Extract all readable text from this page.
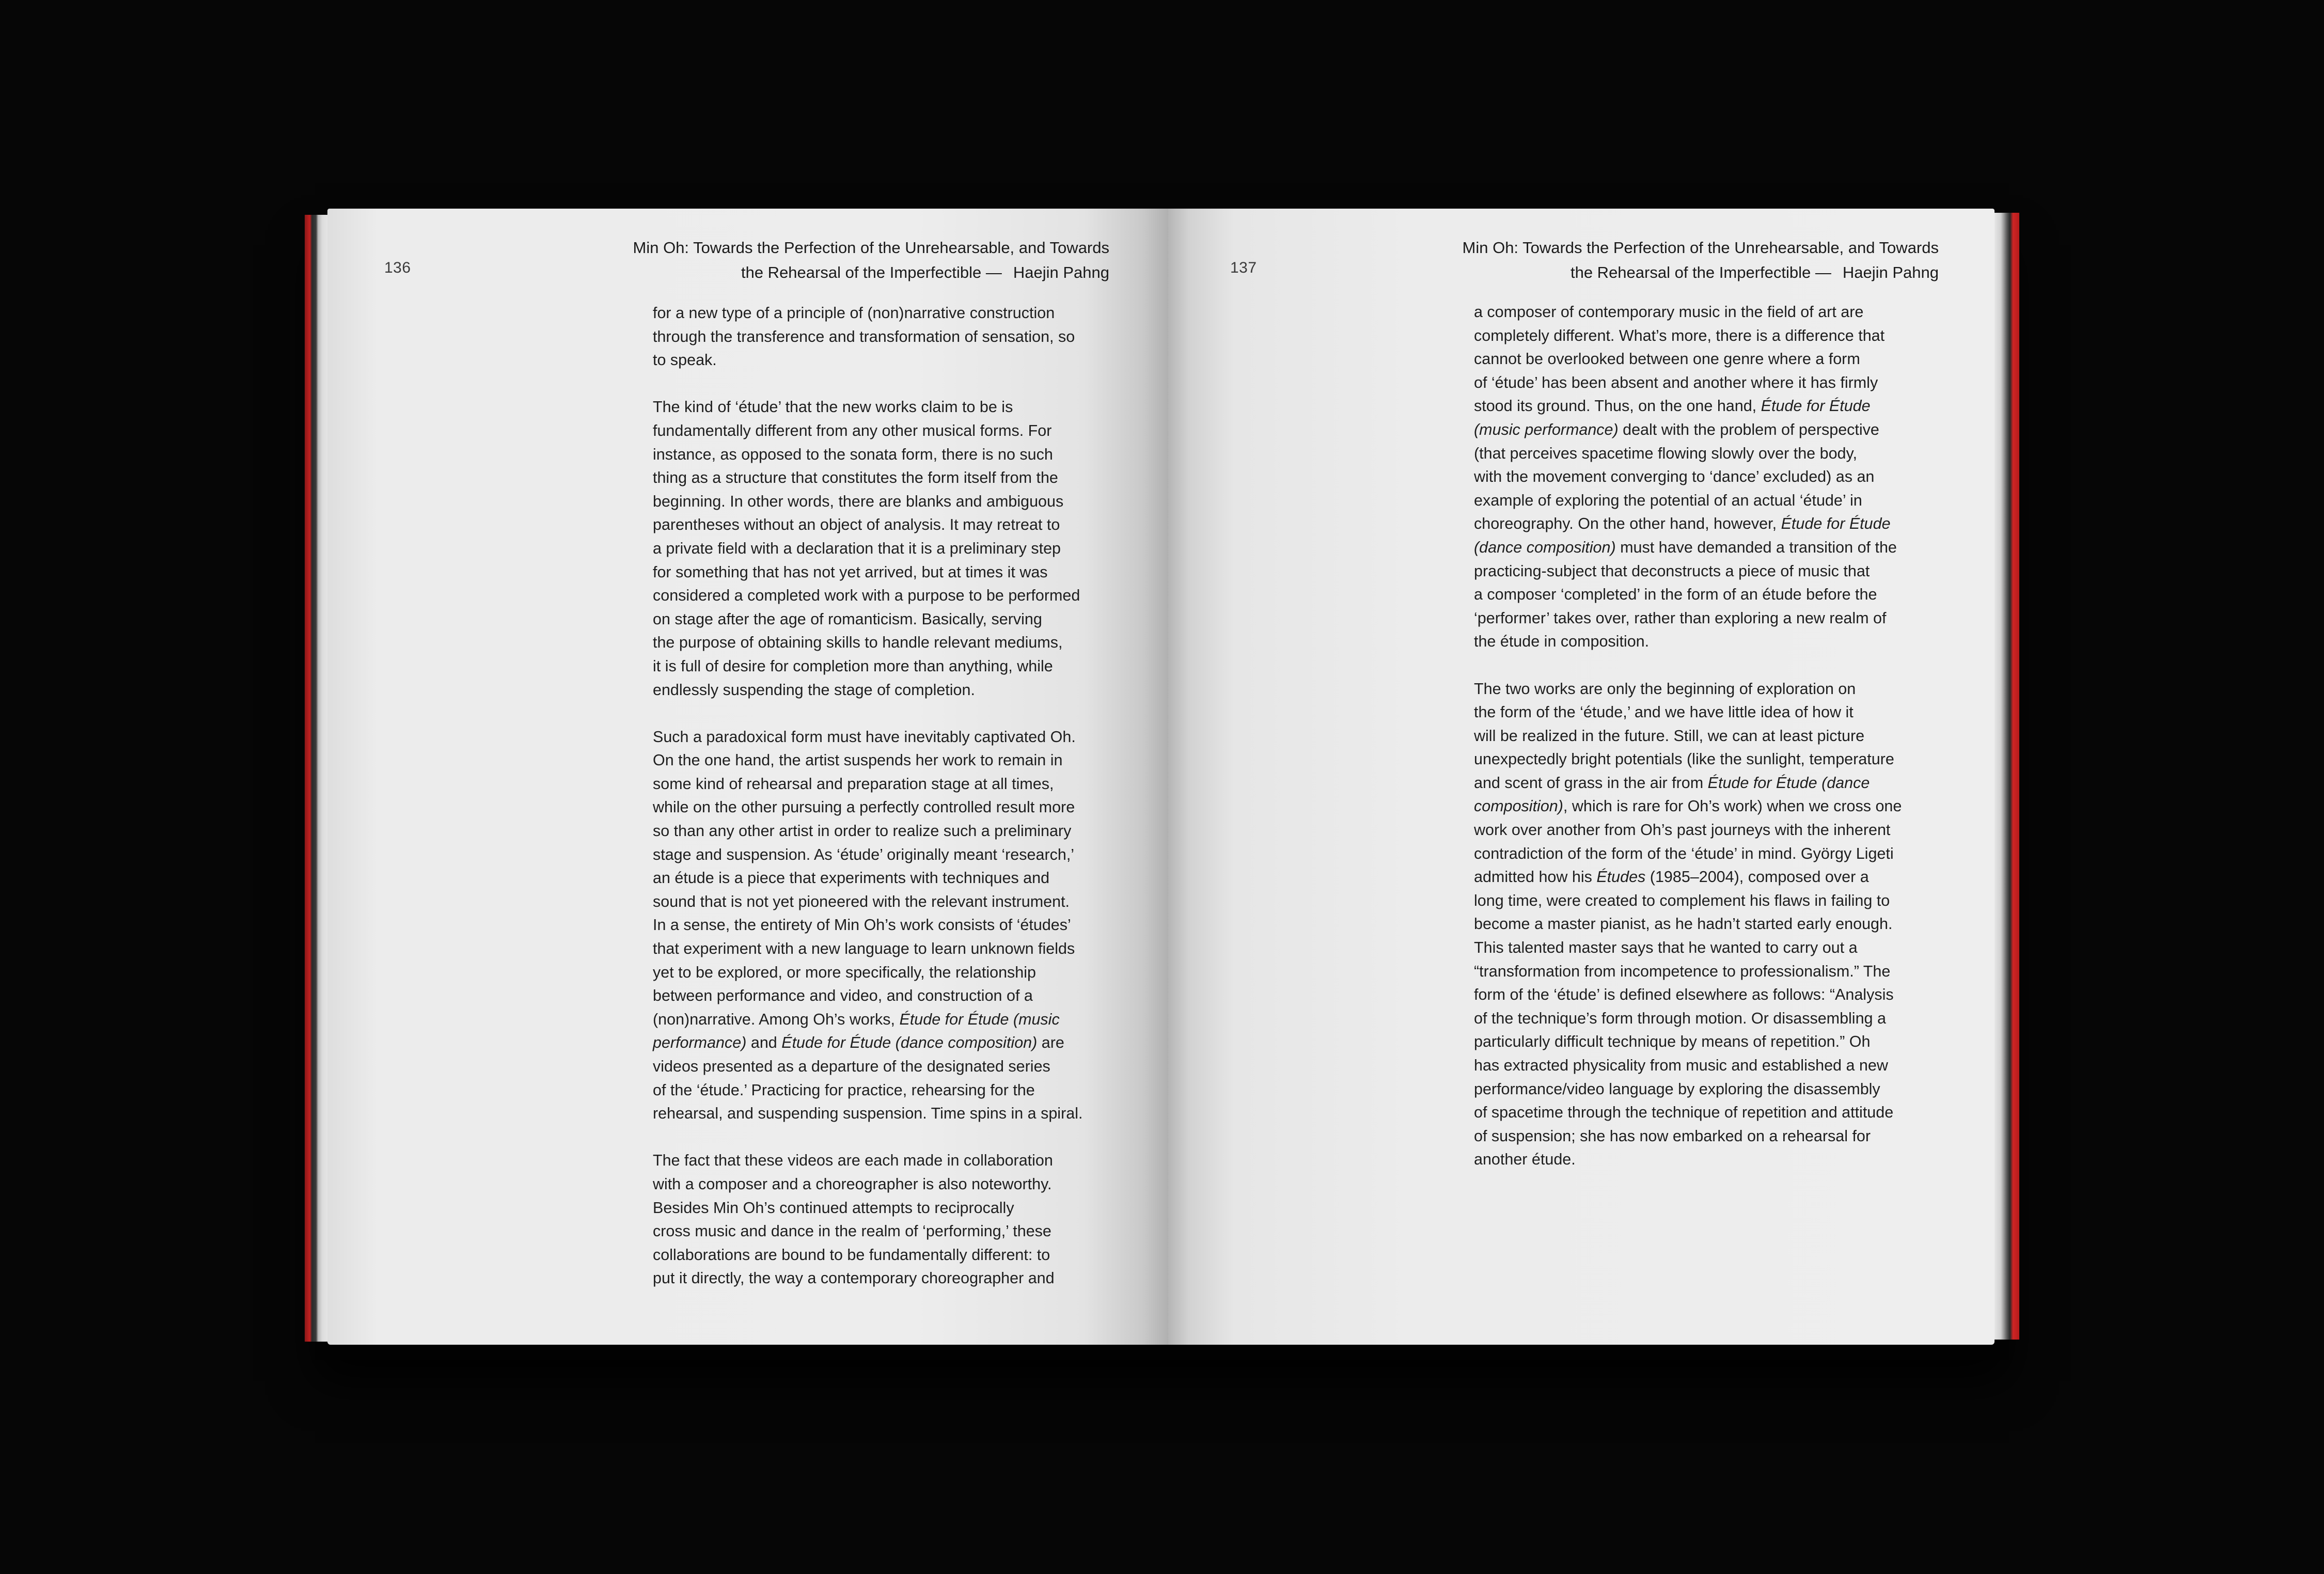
136
Min Oh: Towards the Perfection of the Unrehearsable, and Towards
the Rehearsal of the Imperfectible — Haejin Pahng

for a new type of a principle of (non)narrative construction
through the transference and transformation of sensation, so
to speak.

The kind of ‘étude’ that the new works claim to be is
fundamentally different from any other musical forms. For
instance, as opposed to the sonata form, there is no such
thing as a structure that constitutes the form itself from the
beginning. In other words, there are blanks and ambiguous
parentheses without an object of analysis. It may retreat to
a private field with a declaration that it is a preliminary step
for something that has not yet arrived, but at times it was
considered a completed work with a purpose to be performed
on stage after the age of romanticism. Basically, serving
the purpose of obtaining skills to handle relevant mediums,
it is full of desire for completion more than anything, while
endlessly suspending the stage of completion.

Such a paradoxical form must have inevitably captivated Oh.
On the one hand, the artist suspends her work to remain in
some kind of rehearsal and preparation stage at all times,
while on the other pursuing a perfectly controlled result more
so than any other artist in order to realize such a preliminary
stage and suspension. As ‘étude’ originally meant ‘research,’
an étude is a piece that experiments with techniques and
sound that is not yet pioneered with the relevant instrument.
In a sense, the entirety of Min Oh’s work consists of ‘études’
that experiment with a new language to learn unknown fields
yet to be explored, or more specifically, the relationship
between performance and video, and construction of a
(non)narrative. Among Oh’s works, Étude for Étude (music
performance) and Étude for Étude (dance composition) are
videos presented as a departure of the designated series
of the ‘étude.’ Practicing for practice, rehearsing for the
rehearsal, and suspending suspension. Time spins in a spiral.

The fact that these videos are each made in collaboration
with a composer and a choreographer is also noteworthy.
Besides Min Oh’s continued attempts to reciprocally
cross music and dance in the realm of ‘performing,’ these
collaborations are bound to be fundamentally different: to
put it directly, the way a contemporary choreographer and

137
Min Oh: Towards the Perfection of the Unrehearsable, and Towards
the Rehearsal of the Imperfectible — Haejin Pahng

a composer of contemporary music in the field of art are
completely different. What’s more, there is a difference that
cannot be overlooked between one genre where a form
of ‘étude’ has been absent and another where it has firmly
stood its ground. Thus, on the one hand, Étude for Étude
(music performance) dealt with the problem of perspective
(that perceives spacetime flowing slowly over the body,
with the movement converging to ‘dance’ excluded) as an
example of exploring the potential of an actual ‘étude’ in
choreography. On the other hand, however, Étude for Étude
(dance composition) must have demanded a transition of the
practicing-subject that deconstructs a piece of music that
a composer ‘completed’ in the form of an étude before the
‘performer’ takes over, rather than exploring a new realm of
the étude in composition.

The two works are only the beginning of exploration on
the form of the ‘étude,’ and we have little idea of how it
will be realized in the future. Still, we can at least picture
unexpectedly bright potentials (like the sunlight, temperature
and scent of grass in the air from Étude for Étude (dance
composition), which is rare for Oh’s work) when we cross one
work over another from Oh’s past journeys with the inherent
contradiction of the form of the ‘étude’ in mind. György Ligeti
admitted how his Études (1985–2004), composed over a
long time, were created to complement his flaws in failing to
become a master pianist, as he hadn’t started early enough.
This talented master says that he wanted to carry out a
“transformation from incompetence to professionalism.” The
form of the ‘étude’ is defined elsewhere as follows: “Analysis
of the technique’s form through motion. Or disassembling a
particularly difficult technique by means of repetition.” Oh
has extracted physicality from music and established a new
performance/video language by exploring the disassembly
of spacetime through the technique of repetition and attitude
of suspension; she has now embarked on a rehearsal for
another étude.
